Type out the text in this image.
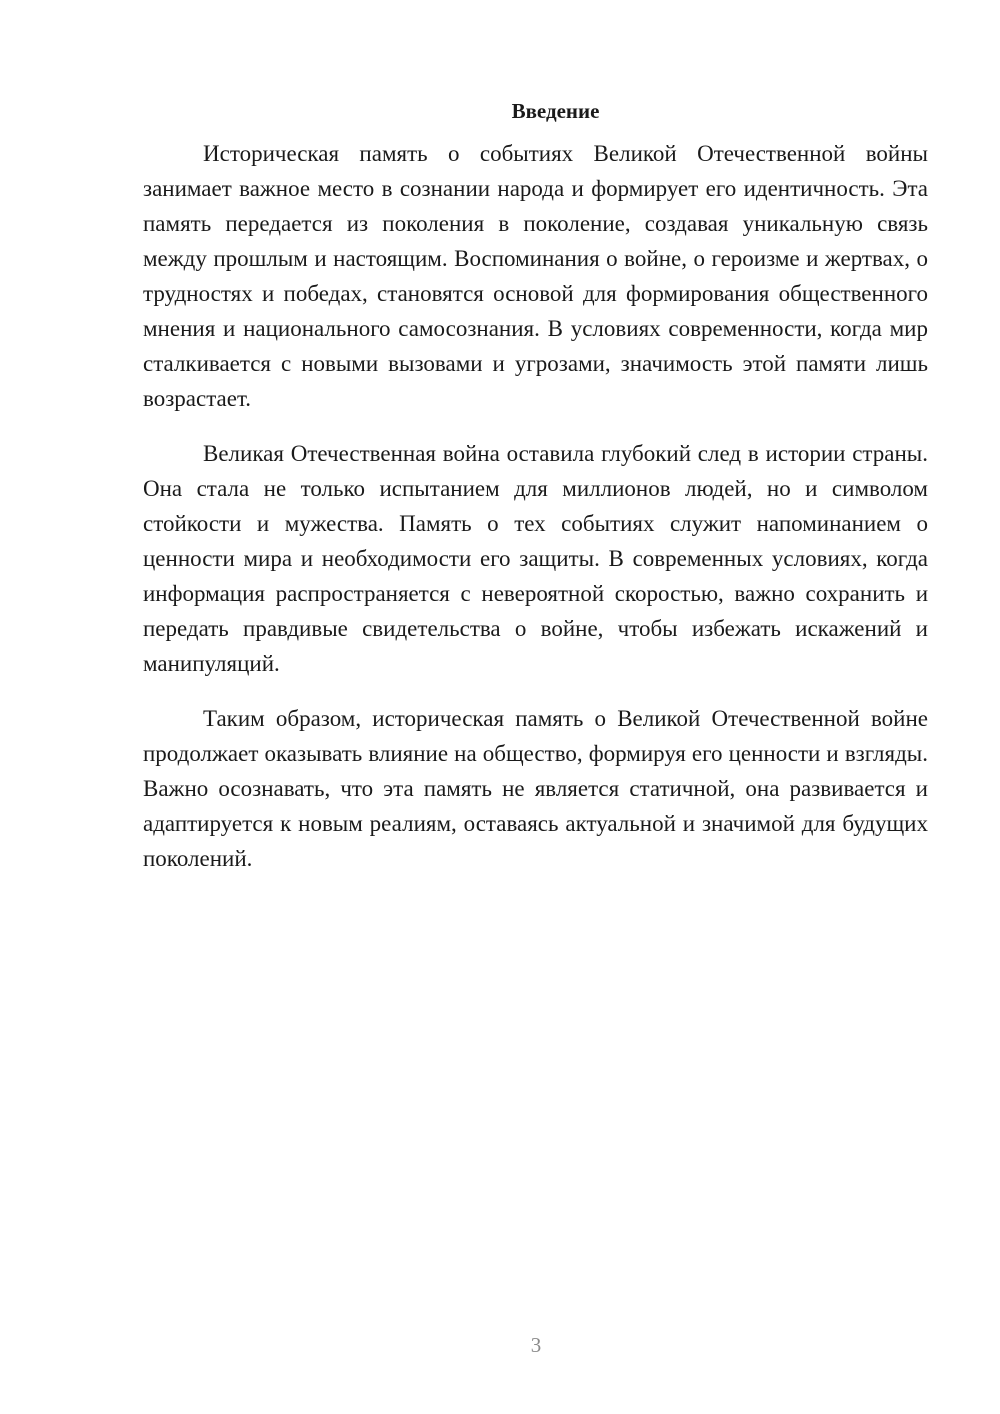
Введение

Историческая память о событиях Великой Отечественной войны занимает важное место в сознании народа и формирует его идентичность. Эта память передается из поколения в поколение, создавая уникальную связь между прошлым и настоящим. Воспоминания о войне, о героизме и жертвах, о трудностях и победах, становятся основой для формирования общественного мнения и национального самосознания. В условиях современности, когда мир сталкивается с новыми вызовами и угрозами, значимость этой памяти лишь возрастает.

Великая Отечественная война оставила глубокий след в истории страны. Она стала не только испытанием для миллионов людей, но и символом стойкости и мужества. Память о тех событиях служит напоминанием о ценности мира и необходимости его защиты. В современных условиях, когда информация распространяется с невероятной скоростью, важно сохранить и передать правдивые свидетельства о войне, чтобы избежать искажений и манипуляций.

Таким образом, историческая память о Великой Отечественной войне продолжает оказывать влияние на общество, формируя его ценности и взгляды. Важно осознавать, что эта память не является статичной, она развивается и адаптируется к новым реалиям, оставаясь актуальной и значимой для будущих поколений.

3
